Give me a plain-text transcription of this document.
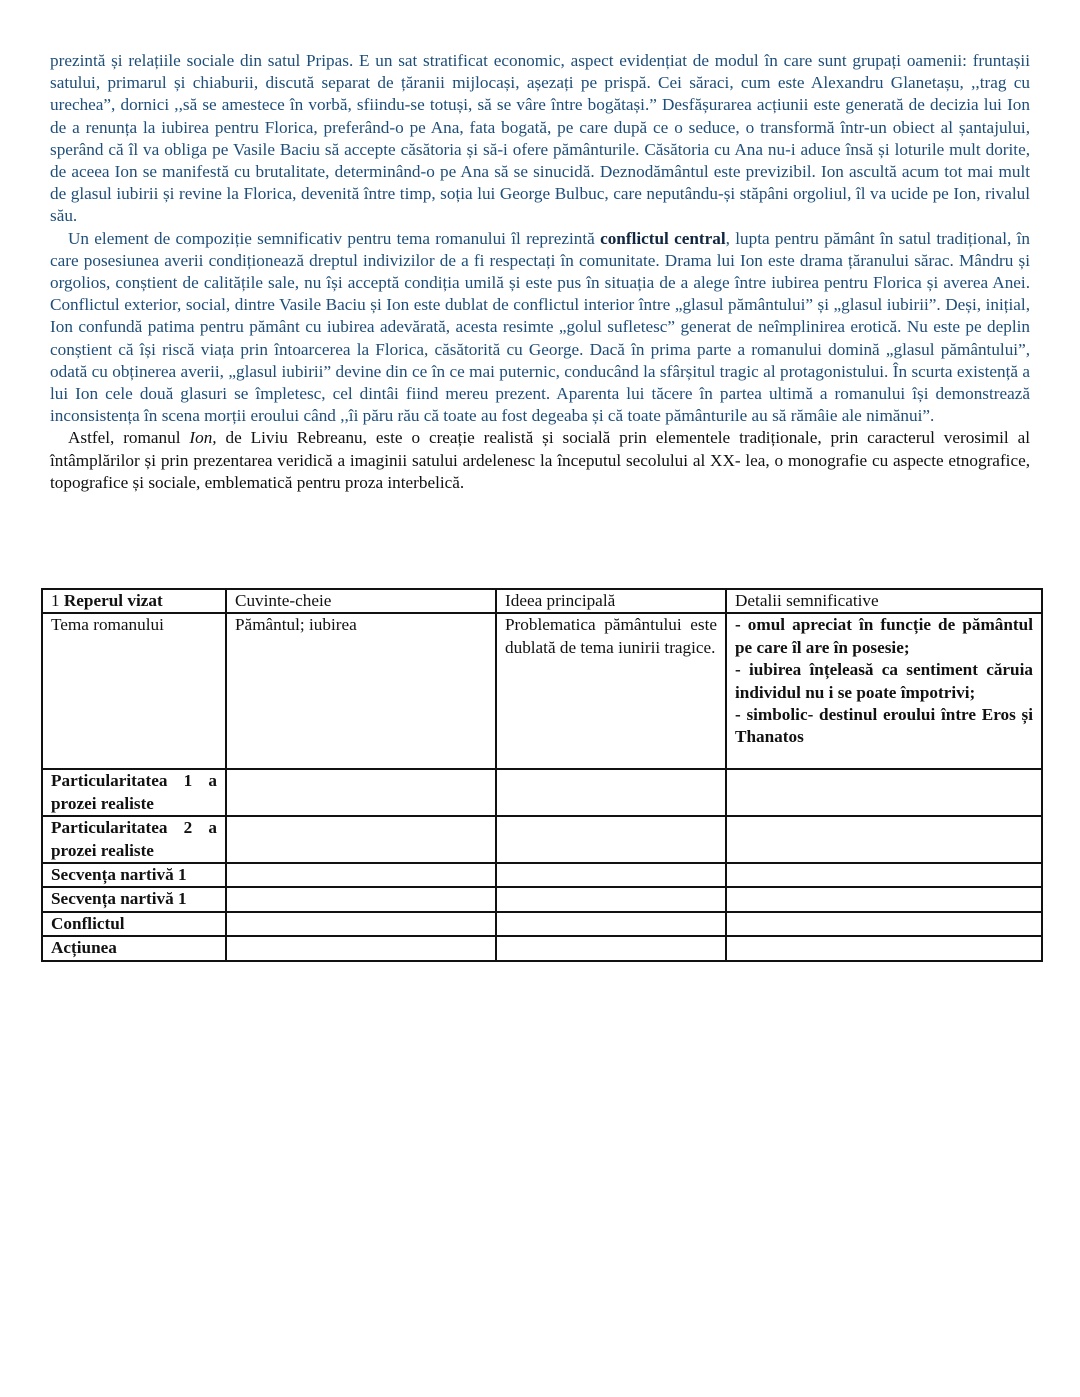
prezintă și relațiile sociale din satul Pripas. E un sat stratificat economic, aspect evidențiat de modul în care sunt grupați oamenii: fruntașii satului, primarul și chiaburii, discută separat de țăranii mijlocași, așezați pe prispă. Cei săraci, cum este Alexandru Glanetașu, ,,trag cu urechea”, dornici ,,să se amestece în vorbă, sfiindu-se totuși, să se vâre între bogătași.” Desfășurarea acțiunii este generată de decizia lui Ion de a renunța la iubirea pentru Florica, preferând-o pe Ana, fata bogată, pe care după ce o seduce, o transformă într-un obiect al șantajului, sperând că îl va obliga pe Vasile Baciu să accepte căsătoria și să-i ofere pământurile. Căsătoria cu Ana nu-i aduce însă și loturile mult dorite, de aceea Ion se manifestă cu brutalitate, determinând-o pe Ana să se sinucidă. Deznodământul este previzibil. Ion ascultă acum tot mai mult de glasul iubirii și revine la Florica, devenită între timp, soția lui George Bulbuc, care neputându-și stăpâni orgoliul, îl va ucide pe Ion, rivalul său.

Un element de compoziție semnificativ pentru tema romanului îl reprezintă conflictul central, lupta pentru pământ în satul tradițional, în care posesiunea averii condiționează dreptul indivizilor de a fi respectați în comunitate. Drama lui Ion este drama țăranului sărac. Mândru și orgolios, conștient de calitățile sale, nu își acceptă condiția umilă și este pus în situația de a alege între iubirea pentru Florica și averea Anei. Conflictul exterior, social, dintre Vasile Baciu și Ion este dublat de conflictul interior între „glasul pământului” și „glasul iubirii”. Deși, inițial, Ion confundă patima pentru pământ cu iubirea adevărată, acesta resimte „golul sufletesc” generat de neîmplinirea erotică. Nu este pe deplin conștient că își riscă viața prin întoarcerea la Florica, căsătorită cu George. Dacă în prima parte a romanului domină „glasul pământului”, odată cu obținerea averii, „glasul iubirii” devine din ce în ce mai puternic, conducând la sfârșitul tragic al protagonistului. În scurta existență a lui Ion cele două glasuri se împletesc, cel dintâi fiind mereu prezent. Aparenta lui tăcere în partea ultimă a romanului își demonstrează inconsistența în scena morții eroului când ,,îi păru rău că toate au fost degeaba și că toate pământurile au să rămâie ale nimănui”.

Astfel, romanul Ion, de Liviu Rebreanu, este o creație realistă și socială prin elementele tradiționale, prin caracterul verosimil al întâmplărilor și prin prezentarea veridică a imaginii satului ardelenesc la începutul secolului al XX- lea, o monografie cu aspecte etnografice, topografice și sociale, emblematică pentru proza interbelică.

1 Reperul vizat	Cuvinte-cheie	Ideea principală	Detalii semnificative
Tema romanului	Pământul; iubirea	Problematica pământului este dublată de tema iunirii tragice.	- omul apreciat în funcție de pământul pe care îl are în posesie;
- iubirea înțeleasă ca sentiment căruia individul nu i se poate împotrivi;
- simbolic- destinul eroului între Eros și Thanatos

Particularitatea 1 a prozei realiste			
Particularitatea 2 a prozei realiste			
Secvența nartivă 1			
Secvența nartivă 1			
Conflictul			
Acțiunea			
